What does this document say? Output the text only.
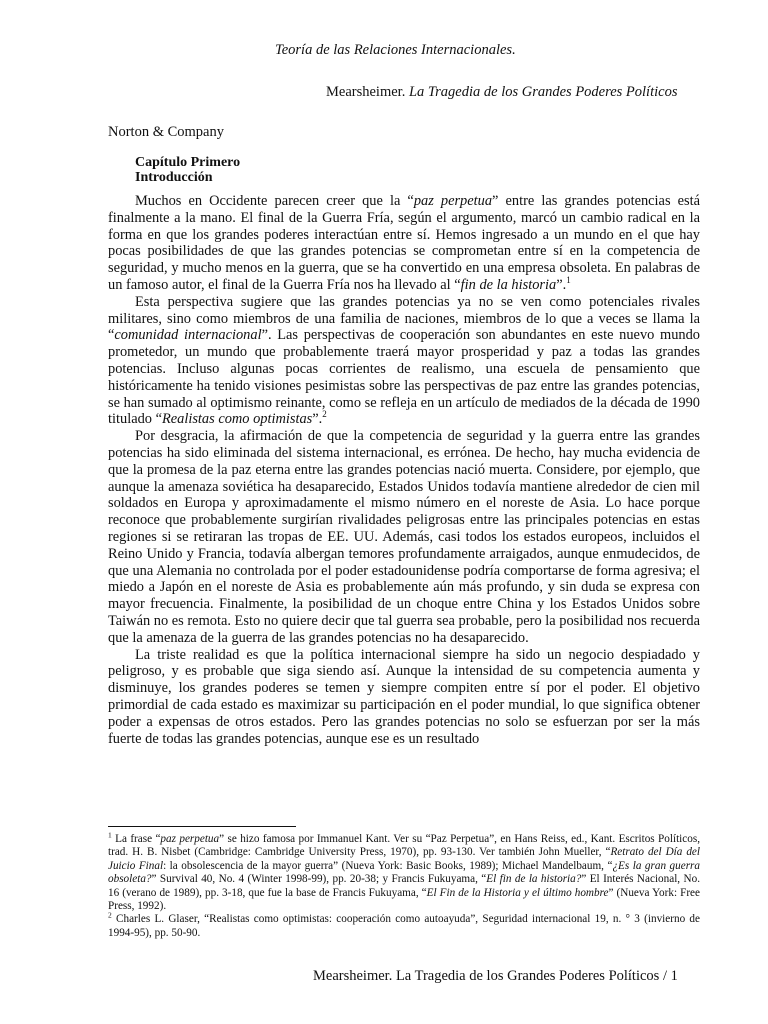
Teoría de las Relaciones Internacionales.
Mearsheimer. La Tragedia de los Grandes Poderes Políticos
Norton & Company
Capítulo Primero
Introducción

Muchos en Occidente parecen creer que la “paz perpetua” entre las grandes potencias está finalmente a la mano. El final de la Guerra Fría, según el argumento, marcó un cambio radical en la forma en que los grandes poderes interactúan entre sí. Hemos ingresado a un mundo en el que hay pocas posibilidades de que las grandes potencias se comprometan entre sí en la competencia de seguridad, y mucho menos en la guerra, que se ha convertido en una empresa obsoleta. En palabras de un famoso autor, el final de la Guerra Fría nos ha llevado al “fin de la historia”.$^1$

Esta perspectiva sugiere que las grandes potencias ya no se ven como potenciales rivales militares, sino como miembros de una familia de naciones, miembros de lo que a veces se llama la “comunidad internacional”. Las perspectivas de cooperación son abundantes en este nuevo mundo prometedor, un mundo que probablemente traerá mayor prosperidad y paz a todas las grandes potencias. Incluso algunas pocas corrientes de realismo, una escuela de pensamiento que históricamente ha tenido visiones pesimistas sobre las perspectivas de paz entre las grandes potencias, se han sumado al optimismo reinante, como se refleja en un artículo de mediados de la década de 1990 titulado “Realistas como optimistas”.$^2$

Por desgracia, la afirmación de que la competencia de seguridad y la guerra entre las grandes potencias ha sido eliminada del sistema internacional, es errónea. De hecho, hay mucha evidencia de que la promesa de la paz eterna entre las grandes potencias nació muerta. Considere, por ejemplo, que aunque la amenaza soviética ha desaparecido, Estados Unidos todavía mantiene alrededor de cien mil soldados en Europa y aproximadamente el mismo número en el noreste de Asia. Lo hace porque reconoce que probablemente surgirían rivalidades peligrosas entre las principales potencias en estas regiones si se retiraran las tropas de EE. UU. Además, casi todos los estados europeos, incluidos el Reino Unido y Francia, todavía albergan temores profundamente arraigados, aunque enmudecidos, de que una Alemania no controlada por el poder estadounidense podría comportarse de forma agresiva; el miedo a Japón en el noreste de Asia es probablemente aún más profundo, y sin duda se expresa con mayor frecuencia. Finalmente, la posibilidad de un choque entre China y los Estados Unidos sobre Taiwán no es remota. Esto no quiere decir que tal guerra sea probable, pero la posibilidad nos recuerda que la amenaza de la guerra de las grandes potencias no ha desaparecido.

La triste realidad es que la política internacional siempre ha sido un negocio despiadado y peligroso, y es probable que siga siendo así. Aunque la intensidad de su competencia aumenta y disminuye, los grandes poderes se temen y siempre compiten entre sí por el poder. El objetivo primordial de cada estado es maximizar su participación en el poder mundial, lo que significa obtener poder a expensas de otros estados. Pero las grandes potencias no solo se esfuerzan por ser la más fuerte de todas las grandes potencias, aunque ese es un resultado

$^1$ La frase “paz perpetua” se hizo famosa por Immanuel Kant. Ver su “Paz Perpetua”, en Hans Reiss, ed., Kant. Escritos Políticos, trad. H. B. Nisbet (Cambridge: Cambridge University Press, 1970), pp. 93-130. Ver también John Mueller, “Retrato del Día del Juicio Final: la obsolescencia de la mayor guerra” (Nueva York: Basic Books, 1989); Michael Mandelbaum, “¿Es la gran guerra obsoleta?” Survival 40, No. 4 (Winter 1998-99), pp. 20-38; y Francis Fukuyama, “El fin de la historia?” El Interés Nacional, No. 16 (verano de 1989), pp. 3-18, que fue la base de Francis Fukuyama, “El Fin de la Historia y el último hombre” (Nueva York: Free Press, 1992).

$^2$ Charles L. Glaser, “Realistas como optimistas: cooperación como autoayuda”, Seguridad internacional 19, n. ° 3 (invierno de 1994-95), pp. 50-90.

Mearsheimer. La Tragedia de los Grandes Poderes Políticos / 1
